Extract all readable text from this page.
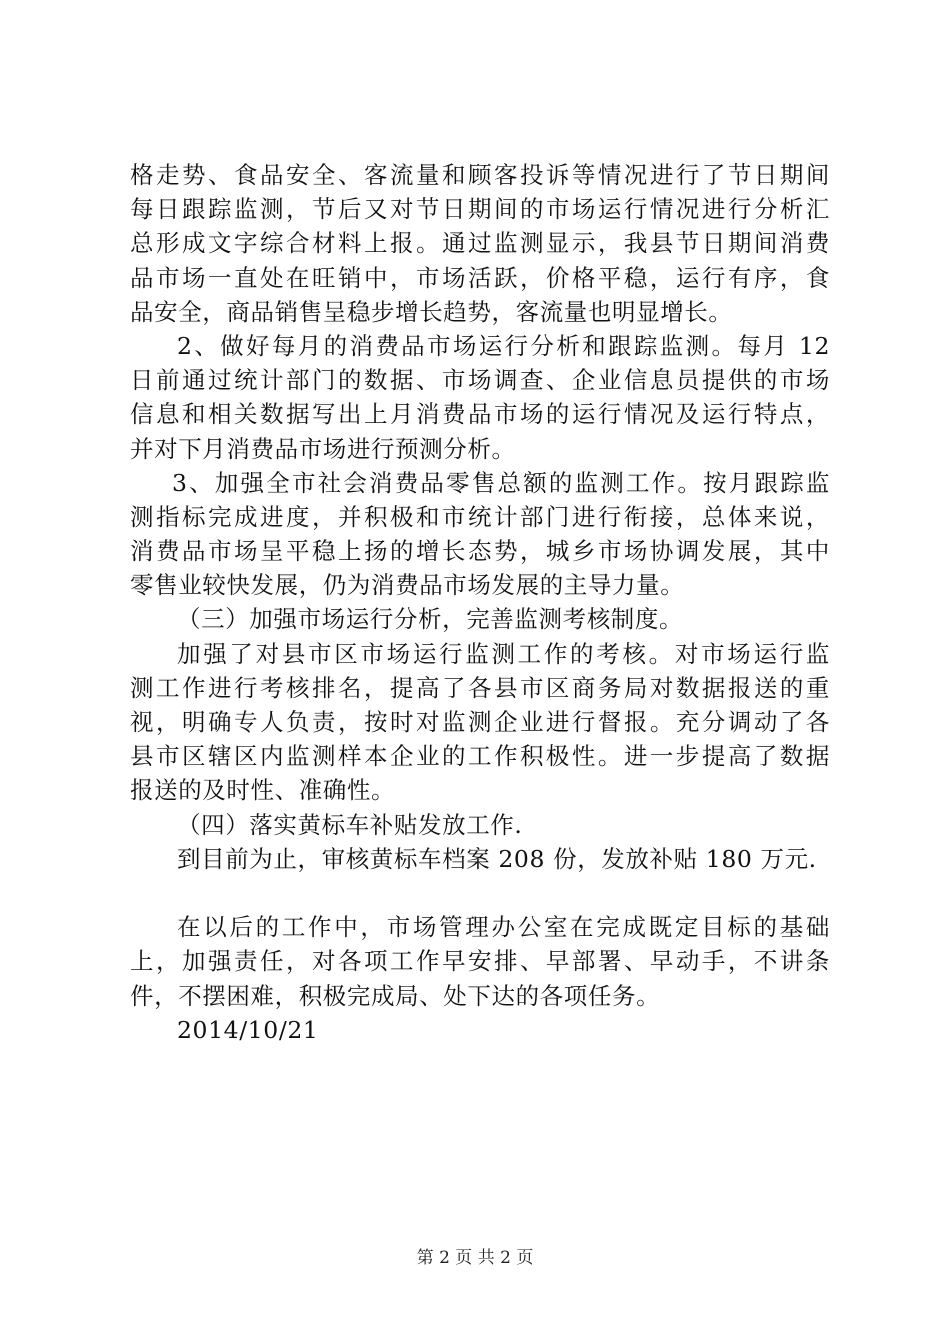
格走势、食品安全、客流量和顾客投诉等情况进行了节日期间
每日跟踪监测，节后又对节日期间的市场运行情况进行分析汇
总形成文字综合材料上报。通过监测显示，我县节日期间消费
品市场一直处在旺销中，市场活跃，价格平稳，运行有序，食
品安全，商品销售呈稳步增长趋势，客流量也明显增长。
2、做好每月的消费品市场运行分析和跟踪监测。每月 12
日前通过统计部门的数据、市场调查、企业信息员提供的市场
信息和相关数据写出上月消费品市场的运行情况及运行特点，
并对下月消费品市场进行预测分析。
3、加强全市社会消费品零售总额的监测工作。按月跟踪监
测指标完成进度，并积极和市统计部门进行衔接，总体来说，
消费品市场呈平稳上扬的增长态势，城乡市场协调发展，其中
零售业较快发展，仍为消费品市场发展的主导力量。
（三）加强市场运行分析，完善监测考核制度。
加强了对县市区市场运行监测工作的考核。对市场运行监
测工作进行考核排名，提高了各县市区商务局对数据报送的重
视，明确专人负责，按时对监测企业进行督报。充分调动了各
县市区辖区内监测样本企业的工作积极性。进一步提高了数据
报送的及时性、准确性。
（四）落实黄标车补贴发放工作.
到目前为止，审核黄标车档案 208 份，发放补贴 180 万元.
在以后的工作中，市场管理办公室在完成既定目标的基础
上，加强责任，对各项工作早安排、早部署、早动手，不讲条
件，不摆困难，积极完成局、处下达的各项任务。
2014/10/21
第 2 页 共 2 页
